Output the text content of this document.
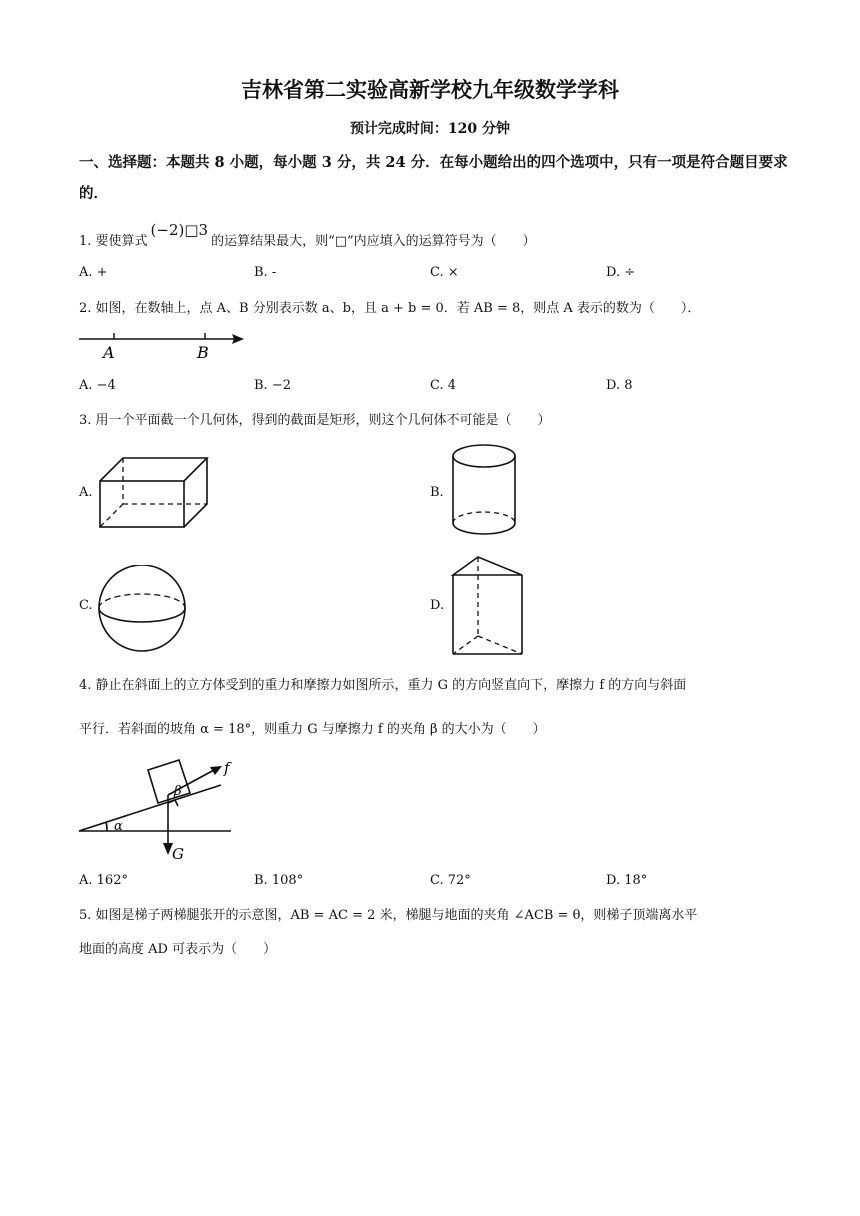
吉林省第二实验高新学校九年级数学学科
预计完成时间：120 分钟
一、选择题：本题共 8 小题，每小题 3 分，共 24 分．在每小题给出的四个选项中，只有一项是符合题目要求的．
1. 要使算式(−2)□3的运算结果最大，则“□”内应填入的运算符号为（　　）
A. +	B. -	C. ×	D. ÷
2. 如图，在数轴上，点 A、B 分别表示数 a、b，且 a + b = 0．若 AB = 8，则点 A 表示的数为（　　）．
A	B
A. −4	B. −2	C. 4	D. 8
3. 用一个平面截一个几何体，得到的截面是矩形，则这个几何体不可能是（　　）
A.	B.
C.	D.
4. 静止在斜面上的立方体受到的重力和摩擦力如图所示，重力 G 的方向竖直向下，摩擦力 f 的方向与斜面
平行．若斜面的坡角 α = 18°，则重力 G 与摩擦力 f 的夹角 β 的大小为（　　）
f
β
α
G
A. 162°	B. 108°	C. 72°	D. 18°
5. 如图是梯子两梯腿张开的示意图，AB = AC = 2 米，梯腿与地面的夹角 ∠ACB = θ，则梯子顶端离水平
地面的高度 AD 可表示为（　　）
